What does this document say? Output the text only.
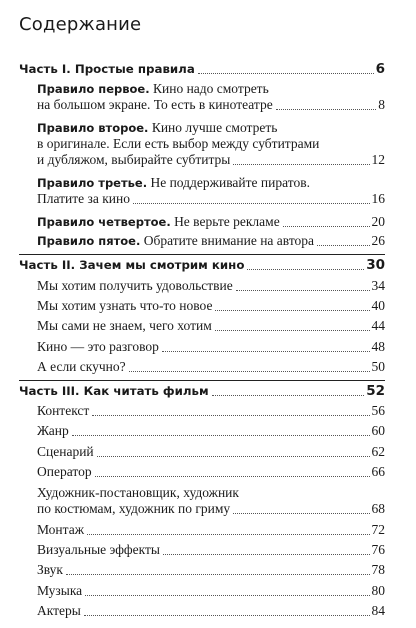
Содержание
Часть I. Простые правила	6
Правило первое. Кино надо смотреть
на большом экране. То есть в кинотеатре	8
Правило второе. Кино лучше смотреть
в оригинале. Если есть выбор между субтитрами
и дубляжом, выбирайте субтитры	12
Правило третье. Не поддерживайте пиратов.
Платите за кино	16
Правило четвертое. Не верьте рекламе	20
Правило пятое. Обратите внимание на автора	26
Часть II. Зачем мы смотрим кино	30
Мы хотим получить удовольствие	34
Мы хотим узнать что-то новое	40
Мы сами не знаем, чего хотим	44
Кино — это разговор	48
А если скучно?	50
Часть III. Как читать фильм	52
Контекст	56
Жанр	60
Сценарий	62
Оператор	66
Художник-постановщик, художник
по костюмам, художник по гриму	68
Монтаж	72
Визуальные эффекты	76
Звук	78
Музыка	80
Актеры	84
